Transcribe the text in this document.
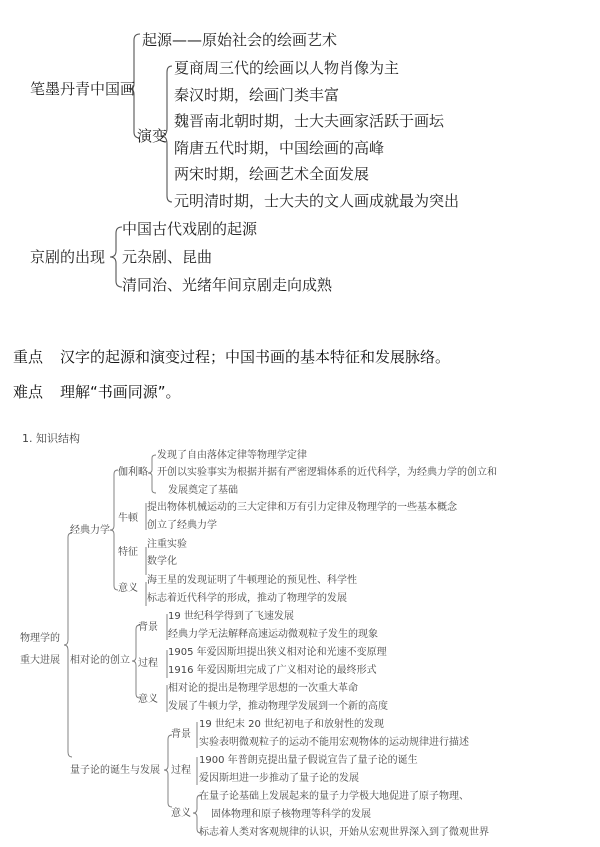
笔墨丹青中国画
起源——原始社会的绘画艺术
演变
夏商周三代的绘画以人物肖像为主
秦汉时期，绘画门类丰富
魏晋南北朝时期，士大夫画家活跃于画坛
隋唐五代时期，中国绘画的高峰
两宋时期，绘画艺术全面发展
元明清时期，士大夫的文人画成就最为突出
京剧的出现
中国古代戏剧的起源
元杂剧、昆曲
清同治、光绪年间京剧走向成熟
重点 汉字的起源和演变过程；中国书画的基本特征和发展脉络。
难点 理解“书画同源”。
1. 知识结构
物理学的
重大进展
经典力学
伽利略
发现了自由落体定律等物理学定律
开创以实验事实为根据并据有严密逻辑体系的近代科学，为经典力学的创立和
发展奠定了基础
牛顿
提出物体机械运动的三大定律和万有引力定律及物理学的一些基本概念
创立了经典力学
特征
注重实验
数学化
意义
海王星的发现证明了牛顿理论的预见性、科学性
标志着近代科学的形成，推动了物理学的发展
相对论的创立
背景
19 世纪科学得到了飞速发展
经典力学无法解释高速运动微观粒子发生的现象
过程
1905 年爱因斯坦提出狭义相对论和光速不变原理
1916 年爱因斯坦完成了广义相对论的最终形式
意义
相对论的提出是物理学思想的一次重大革命
发展了牛顿力学，推动物理学发展到一个新的高度
量子论的诞生与发展
背景
19 世纪末 20 世纪初电子和放射性的发现
实验表明微观粒子的运动不能用宏观物体的运动规律进行描述
过程
1900 年普朗克提出量子假说宣告了量子论的诞生
爱因斯坦进一步推动了量子论的发展
意义
在量子论基础上发展起来的量子力学极大地促进了原子物理、
固体物理和原子核物理等科学的发展
标志着人类对客观规律的认识，开始从宏观世界深入到了微观世界
